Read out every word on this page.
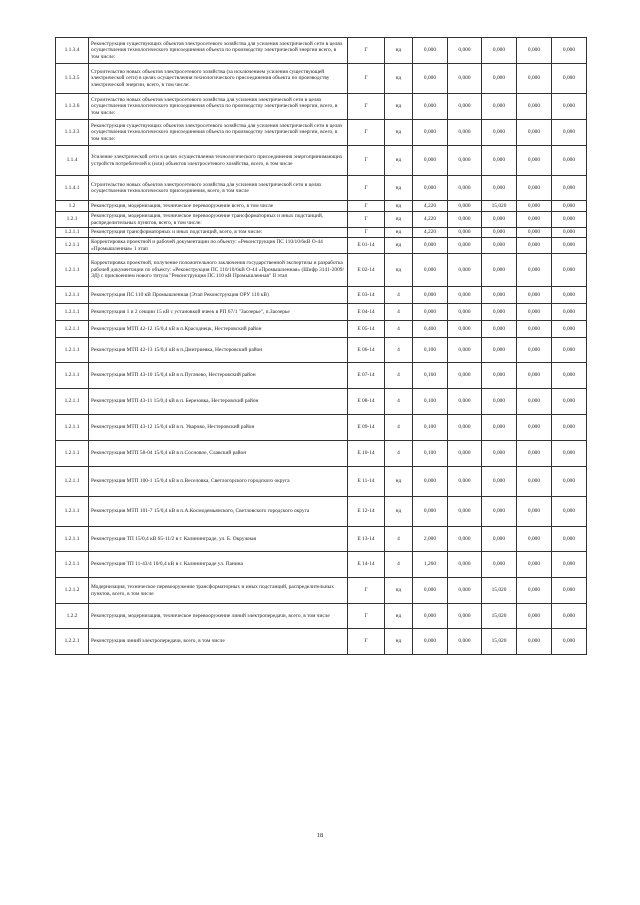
1.1.3.4	Реконструкция существующих объектов электросетевого хозяйства для усиления электрической сети в целях осуществления технологического присоединения объекта по производству электрической энергии всего, в том числе:	Г	нд	0,000	0,000	0,000	0,000	0,000
1.1.3.5	Строительство новых объектов электросетевого хозяйства (за исключением усиления существующей электрической сети) в целях осуществления технологического присоединения объекта по производству электрической энергии, всего, в том числе:	Г	нд	0,000	0,000	0,000	0,000	0,000
1.1.3.6	Строительство новых объектов электросетевого хозяйства для усиления электрической сети в целях осуществления технологического присоединения объекта по производству электрической энергии, всего, в том числе:	Г	нд	0,000	0,000	0,000	0,000	0,000
1.1.3.3	Реконструкция существующих объектов электросетевого хозяйства для усиления электрической сети в целях осуществления технологического присоединения объекта по производству электрической энергии, всего, в том числе:	Г	нд	0,000	0,000	0,000	0,000	0,000
1.1.4	Усиление электрической сети в целях осуществления технологического присоединения энергопринимающих устройств потребителей к (или) объектов электросетевого хозяйства, всего, в том числе	Г	нд	0,000	0,000	0,000	0,000	0,000
1.1.4.1	Строительство новых объектов электросетевого хозяйства для усиления электрической сети в целях осуществления технологического присоединения, всего, в том числе	Г	нд	0,000	0,000	0,000	0,000	0,000
1.2	Реконструкция, модернизация, техническое перевооружение всего, в том числе	Г	нд	4,220	0,000	15,020	0,000	0,000
1.2.1	Реконструкция, модернизация, техническое перевооружение трансформаторных и иных подстанций, распределительных пунктов, всего, в том числе:	Г	нд	4,220	0,000	0,000	0,000	0,000
1.2.1.1	Реконструкция трансформаторных и иных подстанций, всего, в том числе:	Г	нд	4,220	0,000	0,000	0,000	0,000
1.2.1.1	Корректировка проектной и рабочей документации по объекту: «Реконструкция ПС 110/10/6кВ О-44 «Промышленная» 1 этап	Е 01-14	нд	0,000	0,000	0,000	0,000	0,000
1.2.1.1	Корректировка проектной, получение положительного заключения государственной экспертизы и разработка рабочей документации по объекту: «Реконструкция ПС 110/10/6кВ О-44 «Промышленная» (Шифр 3141-2009/ЭД) с присвоением нового титула "Реконструкция ПС 110 кВ Промышленная" II этап	Е 02-14	нд	0,000	0,000	0,000	0,000	0,000
1.2.1.1	Реконструкция ПС 110 кВ Промышленная (Этап Реконструкция ОРУ 110 кВ)	Е 03-14	4	0,000	0,000	0,000	0,000	0,000
1.2.1.1	Реконструкция 1 и 2 секции 15 кВ с установкой ячеек в РП 67/1 "Заозерье", п.Заозерье	Е 04-14	4	0,000	0,000	0,000	0,000	0,000
1.2.1.1	Реконструкция МТП 42-12 15/0,4 кВ в п.Красоднецк, Нестеровский район	Е 05-14	4	0,400	0,000	0,000	0,000	0,000
1.2.1.1	Реконструкция МТП 42-13 15/0,4 кВ в п.Дмитриевка, Нестеровский район	Е 06-14	4	0,100	0,000	0,000	0,000	0,000
1.2.1.1	Реконструкция МТП 43-10 15/0,4 кВ в п.Пугачево, Нестеровский район	Е 07-14	4	0,160	0,000	0,000	0,000	0,000
1.2.1.1	Реконструкция МТП 43-11 15/0,4 кВ в п. Березовка, Нестеровский район	Е 08-14	4	0,100	0,000	0,000	0,000	0,000
1.2.1.1	Реконструкция МТП 43-12 15/0,4 кВ в п. Уварово, Нестеровский район	Е 09-14	4	0,100	0,000	0,000	0,000	0,000
1.2.1.1	Реконструкция МТП 58-04 15/0,4 кВ в п.Сосновое, Славский район	Е 10-14	4	0,100	0,000	0,000	0,000	0,000
1.2.1.1	Реконструкция МТП 100-1 15/0,4 кВ в п.Веселовка, Светлогорского городского округа	Е 11-14	нд	0,000	0,000	0,000	0,000	0,000
1.2.1.1	Реконструкция МТП 101-7 15/0,4 кВ в п.А.Космодемьянского, Светловского городского округа	Е 12-14	нд	0,000	0,000	0,000	0,000	0,000
1.2.1.1	Реконструкция ТП 15/0,4 кВ 65-11/2 в г. Калининграде, ул. Б. Окружная	Е 13-14	4	2,000	0,000	0,000	0,000	0,000
1.2.1.1	Реконструкция ТП 11-43/4 10/0,4 кВ в г. Калининграде ул. Панина	Е 14-14	4	1,260	0,000	0,000	0,000	0,000
1.2.1.2	Модернизация, техническое перевооружение трансформаторных и иных подстанций, распределительных пунктов, всего, в том числе	Г	нд	0,000	0,000	15,020	0,000	0,000
1.2.2	Реконструкция, модернизация, техническое перевооружение линий электропередачи, всего, в том числе	Г	нд	0,000	0,000	15,020	0,000	0,000
1.2.2.1	Реконструкция линий электропередачи, всего, в том числе	Г	нд	0,000	0,000	15,020	0,000	0,000
18
